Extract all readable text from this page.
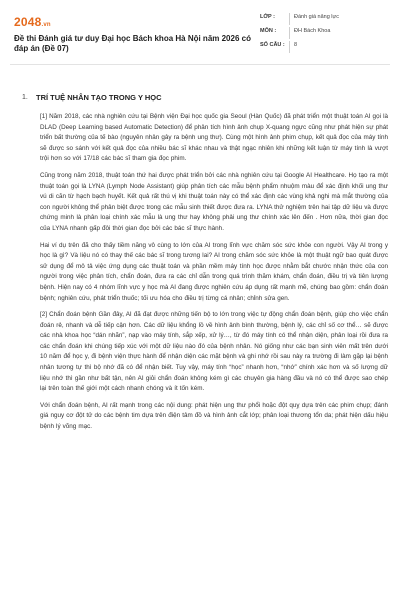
2048.vn
Đề thi Đánh giá tư duy Đại học Bách khoa Hà Nội năm 2026 có đáp án (Đề 07)
LỚP :	Đánh giá năng lực
MÔN :	ĐH Bách Khoa
SỐ CÂU :	8
1. TRÍ TUỆ NHÂN TẠO TRONG Y HỌC

[1] Năm 2018, các nhà nghiên cứu tại Bệnh viện Đại học quốc gia Seoul (Hàn Quốc) đã phát triển một thuật toán AI gọi là DLAD (Deep Learning based Automatic Detection) để phân tích hình ảnh chụp X-quang ngực cũng như phát hiện sự phát triển bất thường của tế bào (nguyên nhân gây ra bệnh ung thư). Cùng một hình ảnh phim chụp, kết quả đọc của máy tính sẽ được so sánh với kết quả đọc của nhiều bác sĩ khác nhau và thật ngạc nhiên khi những kết luận từ máy tính là vượt trội hơn so với 17/18 các bác sĩ tham gia đọc phim.

Cũng trong năm 2018, thuật toán thứ hai được phát triển bởi các nhà nghiên cứu tại Google AI Healthcare. Họ tạo ra một thuật toán gọi là LYNA (Lymph Node Assistant) giúp phân tích các mẫu bệnh phẩm nhuộm màu để xác định khối ung thư vú di căn từ hạch bạch huyết. Kết quả rất thú vị khi thuật toán này có thể xác định các vùng khả nghi mà mắt thường của con người không thể phân biệt được trong các mẫu sinh thiết được đưa ra. LYNA thử nghiệm trên hai tập dữ liệu và được chứng minh là phân loại chính xác mẫu là ung thư hay không phải ung thư chính xác lên đến . Hơn nữa, thời gian đọc của LYNA nhanh gấp đôi thời gian đọc bởi các bác sĩ thực hành.

Hai ví dụ trên đã cho thấy tiềm năng vô cùng to lớn của AI trong lĩnh vực chăm sóc sức khỏe con người. Vậy AI trong y học là gì? Và liệu nó có thay thế các bác sĩ trong tương lai? AI trong chăm sóc sức khỏe là một thuật ngữ bao quát được sử dụng để mô tả việc ứng dụng các thuật toán và phần mềm máy tính học được nhằm bắt chước nhận thức của con người trong việc phân tích, chẩn đoán, đưa ra các chỉ dẫn trong quá trình thăm khám, chẩn đoán, điều trị và tiên lượng bệnh. Hiện nay có 4 nhóm lĩnh vực y học mà AI đang được nghiên cứu áp dụng rất mạnh mẽ, chúng bao gồm: chẩn đoán bệnh; nghiên cứu, phát triển thuốc; tối ưu hóa cho điều trị từng cá nhân; chỉnh sửa gen.

[2] Chẩn đoán bệnh Gần đây, AI đã đạt được những tiến bộ to lớn trong việc tự động chẩn đoán bệnh, giúp cho việc chẩn đoán rẻ, nhanh và dễ tiếp cận hơn. Các dữ liệu khổng lồ về hình ảnh bình thường, bệnh lý, các chỉ số cơ thể… sẽ được các nhà khoa học “dán nhãn”, nạp vào máy tính, sắp xếp, xử lý…, từ đó máy tính có thể nhận diện, phân loại rồi đưa ra các chẩn đoán khi chúng tiếp xúc với một dữ liệu nào đó của bệnh nhân. Nó giống như các bạn sinh viên mất trên dưới 10 năm để học y, đi bệnh viện thực hành để nhận diện các mặt bệnh và ghi nhớ rồi sau này ra trường đi làm gặp lại bệnh nhân tương tự thì bộ nhớ đã có để nhận biết. Tuy vậy, máy tính “học” nhanh hơn, “nhớ” chính xác hơn và số lượng dữ liệu nhớ thì gần như bất tận, nên AI giỏi chẩn đoán không kém gì các chuyên gia hàng đầu và nó có thể được sao chép lại trên toàn thế giới một cách nhanh chóng và ít tốn kém.

Với chẩn đoán bệnh, AI rất mạnh trong các nội dung: phát hiện ung thư phổi hoặc đột quỵ dựa trên các phim chụp; đánh giá nguy cơ đột tử do các bệnh tim dựa trên điện tâm đồ và hình ảnh cắt lớp; phân loại thương tổn da; phát hiện dấu hiệu bệnh lý võng mạc.
